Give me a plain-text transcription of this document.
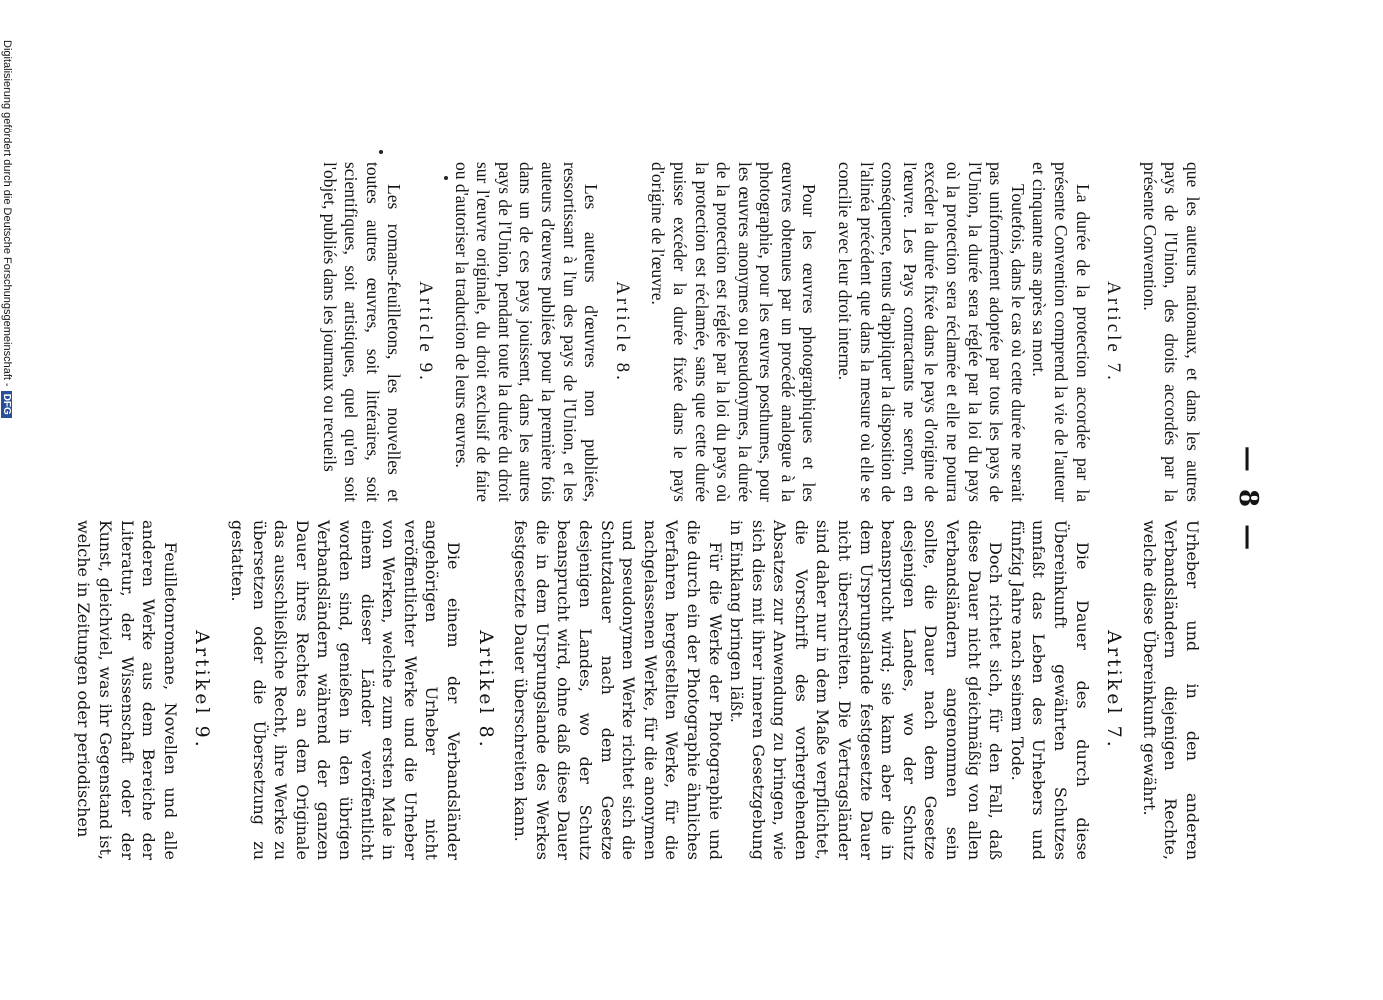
— 8 —

que les auteurs nationaux, et dans les autres pays de l'Union, des droits accordés par la présente Convention.

Article 7.

La durée de la protection accordée par la présente Convention comprend la vie de l'auteur et cinquante ans après sa mort.

Toutefois, dans le cas où cette durée ne serait pas uniformément adoptée par tous les pays de l'Union, la durée sera réglée par la loi du pays où la protection sera réclamée et elle ne pourra excéder la durée fixée dans le pays d'origine de l'œuvre. Les Pays contractants ne seront, en conséquence, tenus d'appliquer la disposition de l'alinéa précédent que dans la mesure où elle se concilie avec leur droit interne.

Pour les œuvres photographiques et les œuvres obtenues par un procédé analogue à la photographie, pour les œuvres posthumes, pour les œuvres anonymes ou pseudonymes, la durée de la protection est réglée par la loi du pays où la protection est réclamée, sans que cette durée puisse excéder la durée fixée dans le pays d'origine de l'œuvre.

Article 8.

Les auteurs d'œuvres non publiées, ressortissant à l'un des pays de l'Union, et les auteurs d'œuvres publiées pour la première fois dans un de ces pays jouissent, dans les autres pays de l'Union, pendant toute la durée du droit sur l'œuvre originale, du droit exclusif de faire ou d'autoriser la traduction de leurs œuvres.

Article 9.

Les romans-feuilletons, les nouvelles et toutes autres œuvres, soit littéraires, soit scientifiques, soit artistiques, quel qu'en soit l'objet, publiés dans les journaux ou recueils

Urheber und in den anderen Verbandsländern diejenigen Rechte, welche diese Übereinkunft gewährt.

Artikel 7.

Die Dauer des durch diese Übereinkunft gewährten Schutzes umfaßt das Leben des Urhebers und fünfzig Jahre nach seinem Tode.

Doch richtet sich, für den Fall, daß diese Dauer nicht gleichmäßig von allen Verbandsländern angenommen sein sollte, die Dauer nach dem Gesetze desjenigen Landes, wo der Schutz beansprucht wird; sie kann aber die in dem Ursprungslande festgesetzte Dauer nicht überschreiten. Die Vertragsländer sind daher nur in dem Maße verpflichtet, die Vorschrift des vorhergehenden Absatzes zur Anwendung zu bringen, wie sich dies mit ihrer inneren Gesetzgebung in Einklang bringen läßt.

Für die Werke der Photographie und die durch ein der Photographie ähnliches Verfahren hergestellten Werke, für die nachgelassenen Werke, für die anonymen und pseudonymen Werke richtet sich die Schutzdauer nach dem Gesetze desjenigen Landes, wo der Schutz beansprucht wird, ohne daß diese Dauer die in dem Ursprungslande des Werkes festgesetzte Dauer überschreiten kann.

Artikel 8.

Die einem der Verbandsländer angehörigen Urheber nicht veröffentlichter Werke und die Urheber von Werken, welche zum ersten Male in einem dieser Länder veröffentlicht worden sind, genießen in den übrigen Verbandsländern während der ganzen Dauer ihres Rechtes an dem Originale das ausschließliche Recht, ihre Werke zu übersetzen oder die Übersetzung zu gestatten.

Artikel 9.

Feuilletonromane, Novellen und alle anderen Werke aus dem Bereiche der Literatur, der Wissenschaft oder der Kunst, gleichviel, was ihr Gegenstand ist, welche in Zeitungen oder periodischen

Digitalisierung gefördert durch die Deutsche Forschungsgemeinschaft -DFG
